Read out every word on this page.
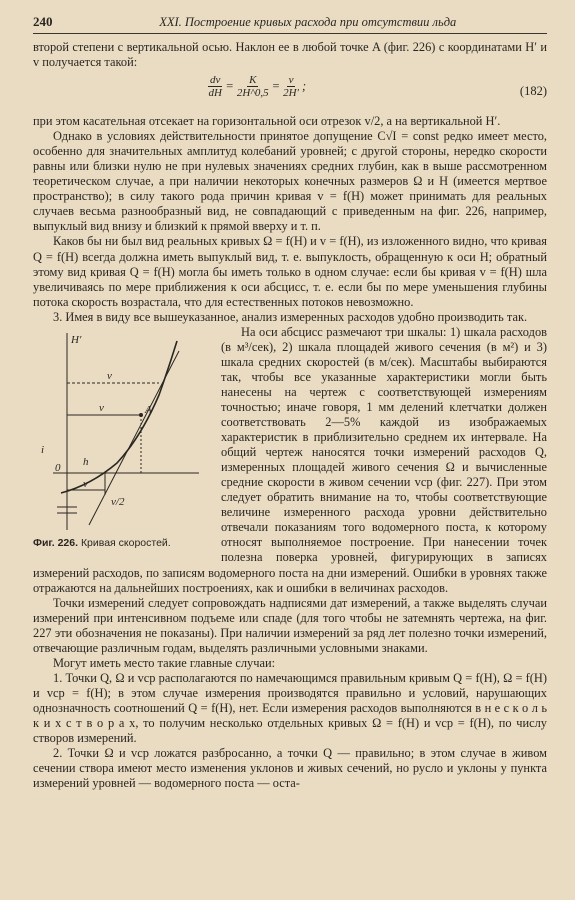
240	XXI. Построение кривых расхода при отсутствии льда

второй степени с вертикальной осью. Наклон ее в любой точке A (фиг. 226) с координатами H′ и v получается такой:

$\frac{dv}{dH} = \frac{K}{2H\^{}0,5} = \frac{v}{2H'}$ ;	(182)

при этом касательная отсекает на горизонтальной оси отрезок v/2, а на вертикальной H′.

Однако в условиях действительности принятое допущение C√I = const редко имеет место, особенно для значительных амплитуд колебаний уровней; с другой стороны, нередко скорости равны или близки нулю не при нулевых значениях средних глубин, как в выше рассмотренном теоретическом случае, а при наличии некоторых конечных размеров Ω и H (имеется мертвое пространство); в силу такого рода причин кривая v = f(H) может принимать для реальных случаев весьма разнообразный вид, не совпадающий с приведенным на фиг. 226, например, выпуклый вид внизу и близкий к прямой вверху и т. п.

Каков бы ни был вид реальных кривых Ω = f(H) и v = f(H), из изложенного видно, что кривая Q = f(H) всегда должна иметь выпуклый вид, т. е. выпуклость, обращенную к оси H; обратный этому вид кривая Q = f(H) могла бы иметь только в одном случае: если бы кривая v = f(H) шла увеличиваясь по мере приближения к оси абсцисс, т. е. если бы по мере уменьшения глубины потока скорость возрастала, что для естественных потоков невозможно.

3. Имея в виду все вышеуказанное, анализ измеренных расходов удобно производить так.

H′
v
v	A
0 h
v
v/2
i
Фиг. 226. Кривая скоростей.

На оси абсцисс размечают три шкалы: 1) шкала расходов (в м³/сек), 2) шкала площадей живого сечения (в м²) и 3) шкала средних скоростей (в м/сек). Масштабы выбираются так, чтобы все указанные характеристики могли быть нанесены на чертеж с соответствующей измерениям точностью; иначе говоря, 1 мм делений клетчатки должен соответствовать 2—5% каждой из изображаемых характеристик в приблизительно среднем их интервале. На общий чертеж наносятся точки измерений расходов Q, измеренных площадей живого сечения Ω и вычисленные средние скорости в живом сечении vср (фиг. 227). При этом следует обратить внимание на то, чтобы соответствующие величине измеренного расхода уровни действительно отвечали показаниям того водомерного поста, к которому относят выполняемое построение. При нанесении точек полезна поверка уровней, фигурирующих в записях измерений расходов, по записям водомерного поста на дни измерений. Ошибки в уровнях также отражаются на дальнейших построениях, как и ошибки в величинах расходов.

Точки измерений следует сопровождать надписями дат измерений, а также выделять случаи измерений при интенсивном подъеме или спаде (для того чтобы не затемнять чертежа, на фиг. 227 эти обозначения не показаны). При наличии измерений за ряд лет полезно точки измерений, отвечающие различным годам, выделять различными условными знаками.

Могут иметь место такие главные случаи:

1. Точки Q, Ω и vср располагаются по намечающимся правильным кривым Q = f(H), Ω = f(H) и vср = f(H); в этом случае измерения производятся правильно и условий, нарушающих однозначность соотношений Q = f(H), нет. Если измерения расходов выполняются в н е с к о л ь к и х с т в о р а х, то получим несколько отдельных кривых Ω = f(H) и vср = f(H), по числу створов измерений.

2. Точки Ω и vср ложатся разбросанно, а точки Q — правильно; в этом случае в живом сечении створа имеют место изменения уклонов и живых сечений, но русло и уклоны у пункта измерений уровней — водомерного поста — оста-
